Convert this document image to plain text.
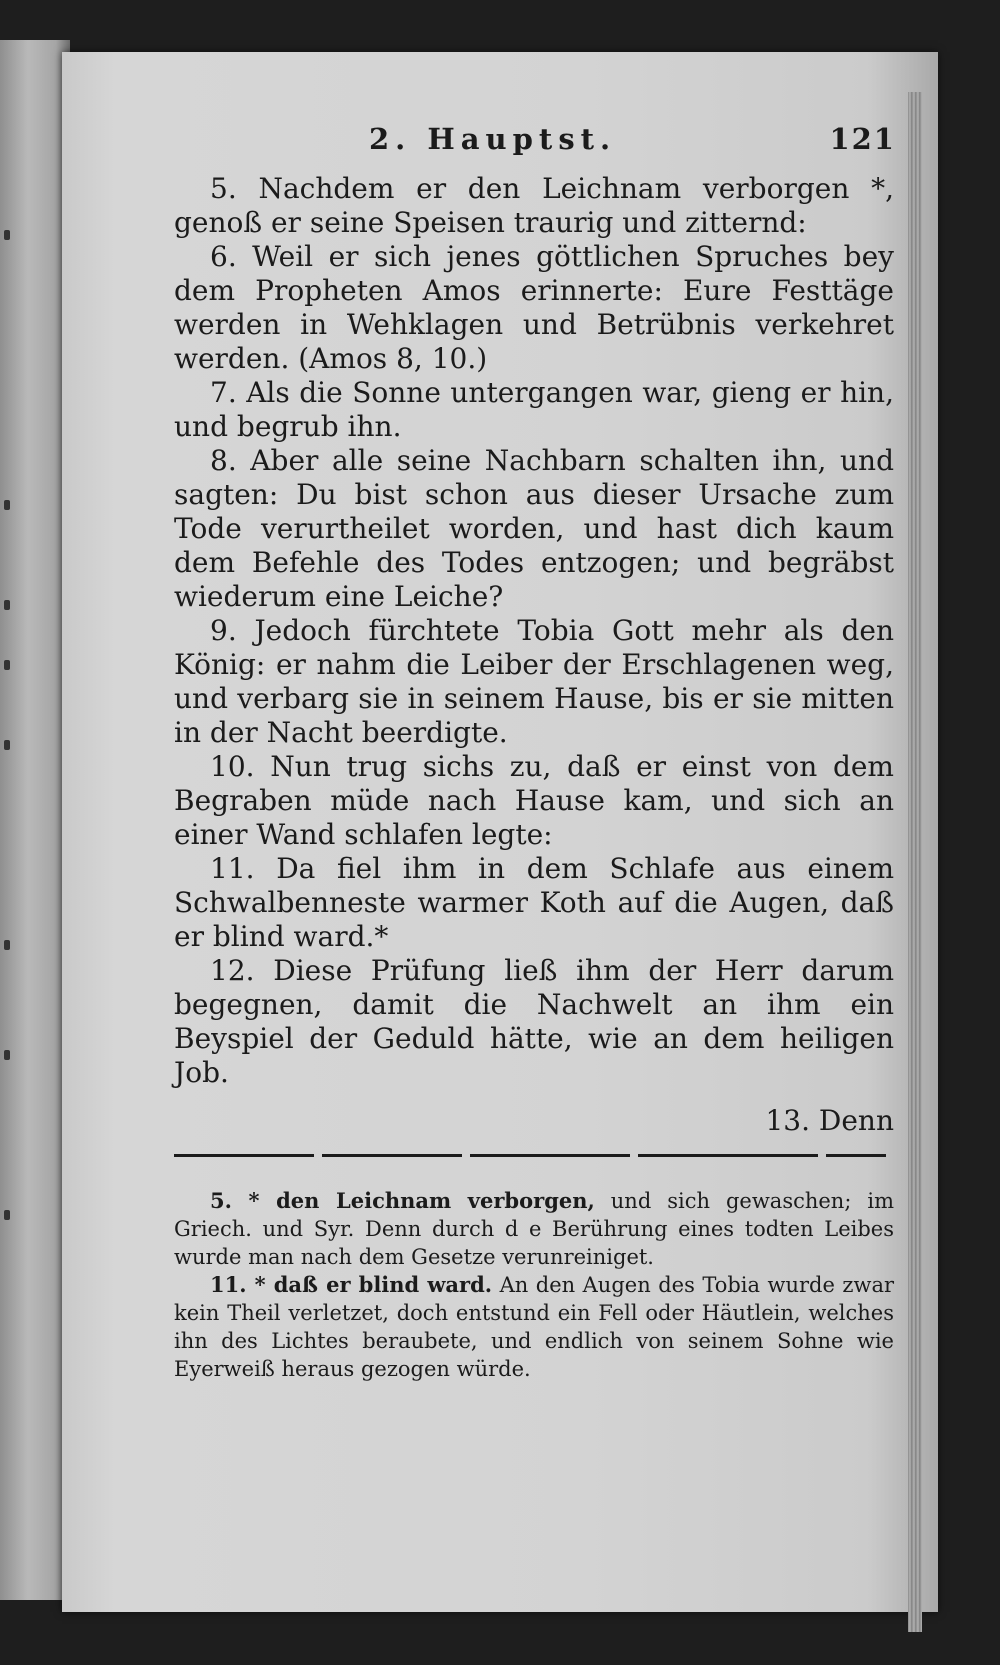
2. Hauptst.	121

5. Nachdem er den Leichnam verborgen *, genoß er seine Speisen traurig und zitternd:

6. Weil er sich jenes göttlichen Spruches bey dem Propheten Amos erinnerte: Eure Festtäge werden in Wehklagen und Betrübnis verkehret werden. (Amos 8, 10.)

7. Als die Sonne untergangen war, gieng er hin, und begrub ihn.

8. Aber alle seine Nachbarn schalten ihn, und sagten: Du bist schon aus dieser Ursache zum Tode verurtheilet worden, und hast dich kaum dem Befehle des Todes entzogen; und begräbst wiederum eine Leiche?

9. Jedoch fürchtete Tobia Gott mehr als den König: er nahm die Leiber der Erschlagenen weg, und verbarg sie in seinem Hause, bis er sie mitten in der Nacht beerdigte.

10. Nun trug sichs zu, daß er einst von dem Begraben müde nach Hause kam, und sich an einer Wand schlafen legte:

11. Da fiel ihm in dem Schlafe aus einem Schwalbenneste warmer Koth auf die Augen, daß er blind ward.*

12. Diese Prüfung ließ ihm der Herr darum begegnen, damit die Nachwelt an ihm ein Beyspiel der Geduld hätte, wie an dem heiligen Job.

13. Denn

5. * den Leichnam verborgen, und sich gewaschen; im Griech. und Syr. Denn durch d e Berührung eines todten Leibes wurde man nach dem Gesetze verunreiniget.

11. * daß er blind ward. An den Augen des Tobia wurde zwar kein Theil verletzet, doch entstund ein Fell oder Häutlein, welches ihn des Lichtes beraubete, und endlich von seinem Sohne wie Eyerweiß heraus gezogen würde.
